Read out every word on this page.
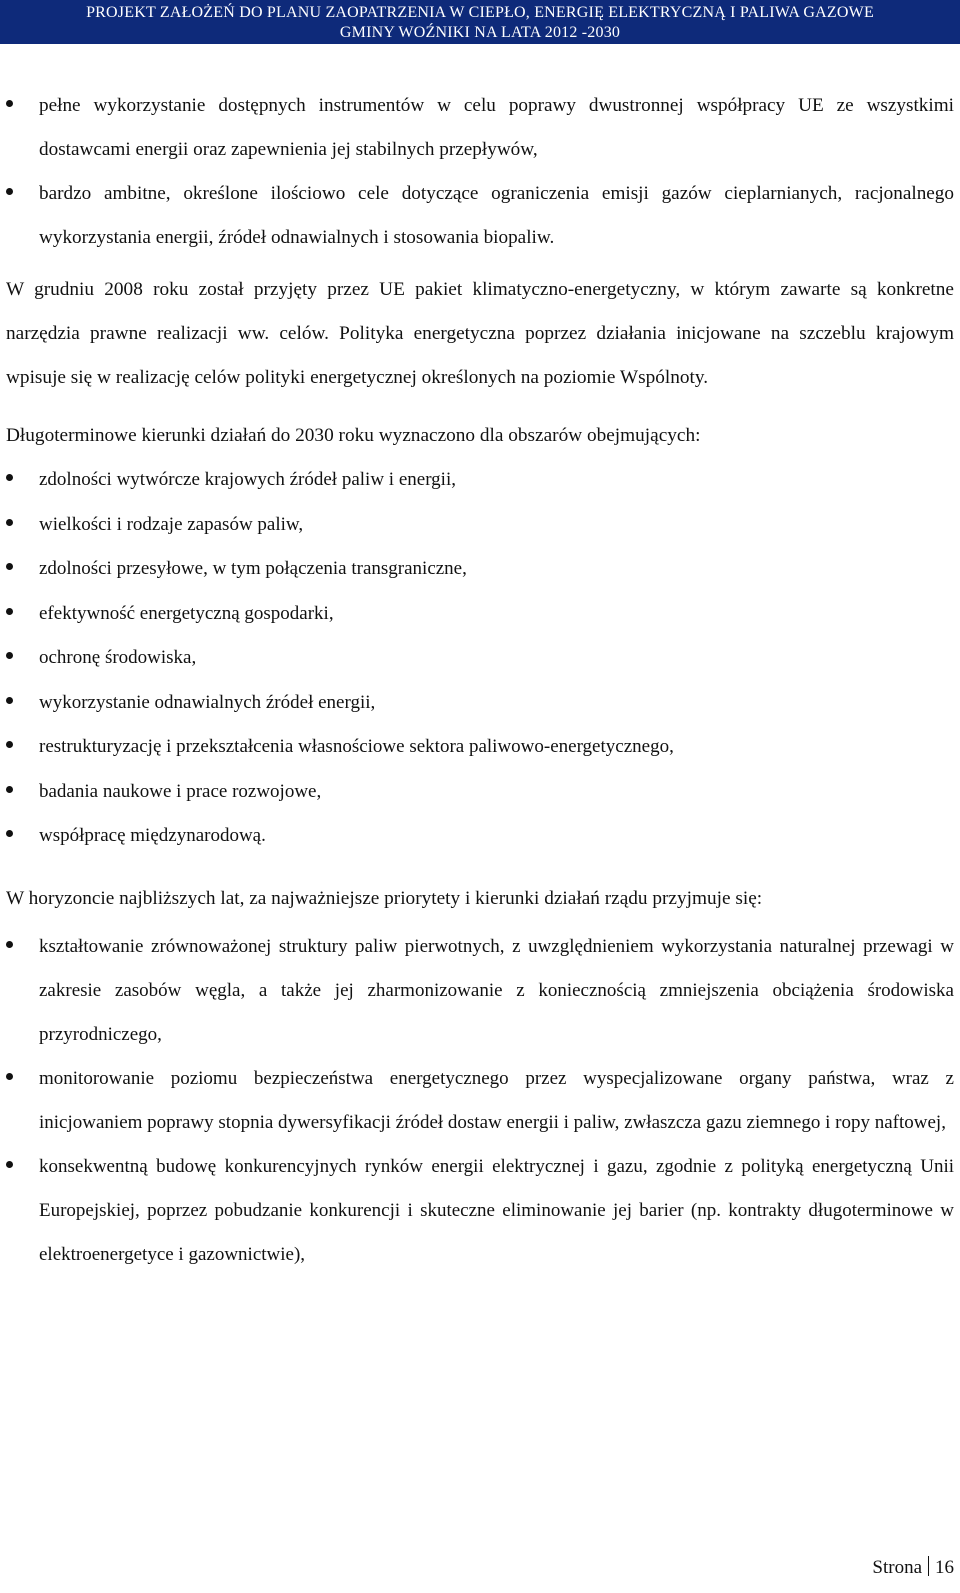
PROJEKT ZAŁOŻEŃ DO PLANU ZAOPATRZENIA W CIEPŁO, ENERGIĘ ELEKTRYCZNĄ I PALIWA GAZOWE
GMINY WOŹNIKI NA LATA 2012 -2030
pełne wykorzystanie dostępnych instrumentów w celu poprawy dwustronnej współpracy UE ze wszystkimi dostawcami energii oraz zapewnienia jej stabilnych przepływów,
bardzo ambitne, określone ilościowo cele dotyczące ograniczenia emisji gazów cieplarnianych, racjonalnego wykorzystania energii, źródeł odnawialnych i stosowania biopaliw.

W grudniu 2008 roku został przyjęty przez UE pakiet klimatyczno-energetyczny, w którym zawarte są konkretne narzędzia prawne realizacji ww. celów. Polityka energetyczna poprzez działania inicjowane na szczeblu krajowym wpisuje się w realizację celów polityki energetycznej określonych na poziomie Wspólnoty.

Długoterminowe kierunki działań do 2030 roku wyznaczono dla obszarów obejmujących:

zdolności wytwórcze krajowych źródeł paliw i energii,
wielkości i rodzaje zapasów paliw,
zdolności przesyłowe, w tym połączenia transgraniczne,
efektywność energetyczną gospodarki,
ochronę środowiska,
wykorzystanie odnawialnych źródeł energii,
restrukturyzację i przekształcenia własnościowe sektora paliwowo-energetycznego,
badania naukowe i prace rozwojowe,
współpracę międzynarodową.

W horyzoncie najbliższych lat, za najważniejsze priorytety i kierunki działań rządu przyjmuje się:

kształtowanie zrównoważonej struktury paliw pierwotnych, z uwzględnieniem wykorzystania naturalnej przewagi w zakresie zasobów węgla, a także jej zharmonizowanie z koniecznością zmniejszenia obciążenia środowiska przyrodniczego,
monitorowanie poziomu bezpieczeństwa energetycznego przez wyspecjalizowane organy państwa, wraz z inicjowaniem poprawy stopnia dywersyfikacji źródeł dostaw energii i paliw, zwłaszcza gazu ziemnego i ropy naftowej,
konsekwentną budowę konkurencyjnych rynków energii elektrycznej i gazu, zgodnie z polityką energetyczną Unii Europejskiej, poprzez pobudzanie konkurencji i skuteczne eliminowanie jej barier (np. kontrakty długoterminowe w elektroenergetyce i gazownictwie),
Strona 16
